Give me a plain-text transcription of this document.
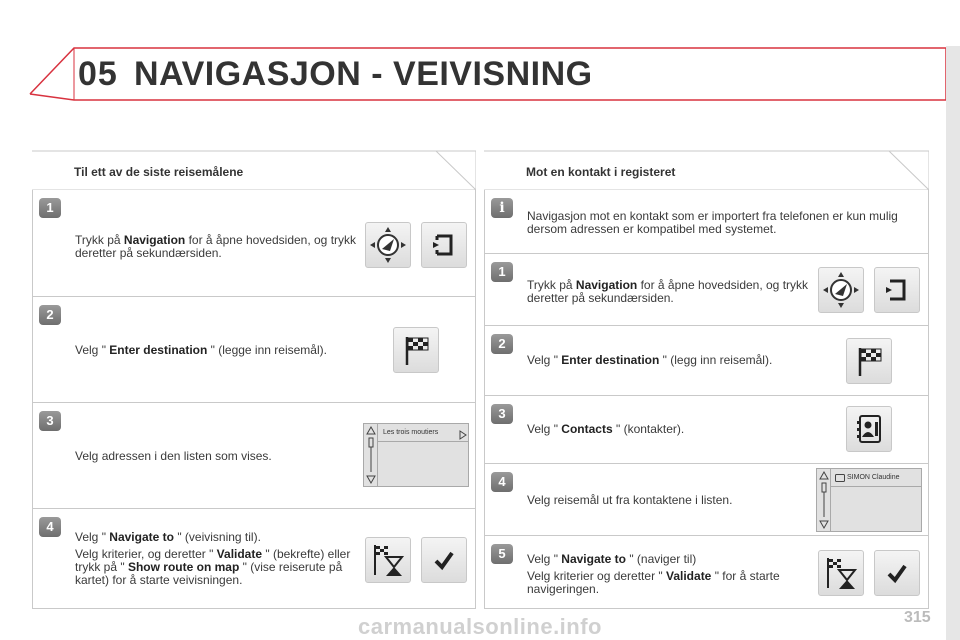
05 NAVIGASJON - VEIVISNING
Til ett av de siste reisemålene
1
Trykk på Navigation for å åpne hovedsiden, og trykk deretter på sekundærsiden.
2
Velg " Enter destination " (legge inn reisemål).
3
Velg adressen i den listen som vises.
Les trois moutiers
4

Velg " Navigate to " (veivisning til).

Velg kriterier, og deretter " Validate " (bekrefte) eller trykk på " Show route on map " (vise reiserute på kartet) for å starte veivisningen.

Mot en kontakt i registeret
i	Navigasjon mot en kontakt som er importert fra telefonen er kun mulig dersom adressen er kompatibel med systemet.
1
Trykk på Navigation for å åpne hovedsiden, og trykk deretter på sekundærsiden.
2
Velg " Enter destination " (legg inn reisemål).
3
Velg " Contacts " (kontakter).
4
Velg reisemål ut fra kontaktene i listen.
SIMON Claudine
5	Velg " Navigate to " (naviger til)

Velg kriterier og deretter " Validate " for å starte navigeringen.

315
carmanualsonline.info
